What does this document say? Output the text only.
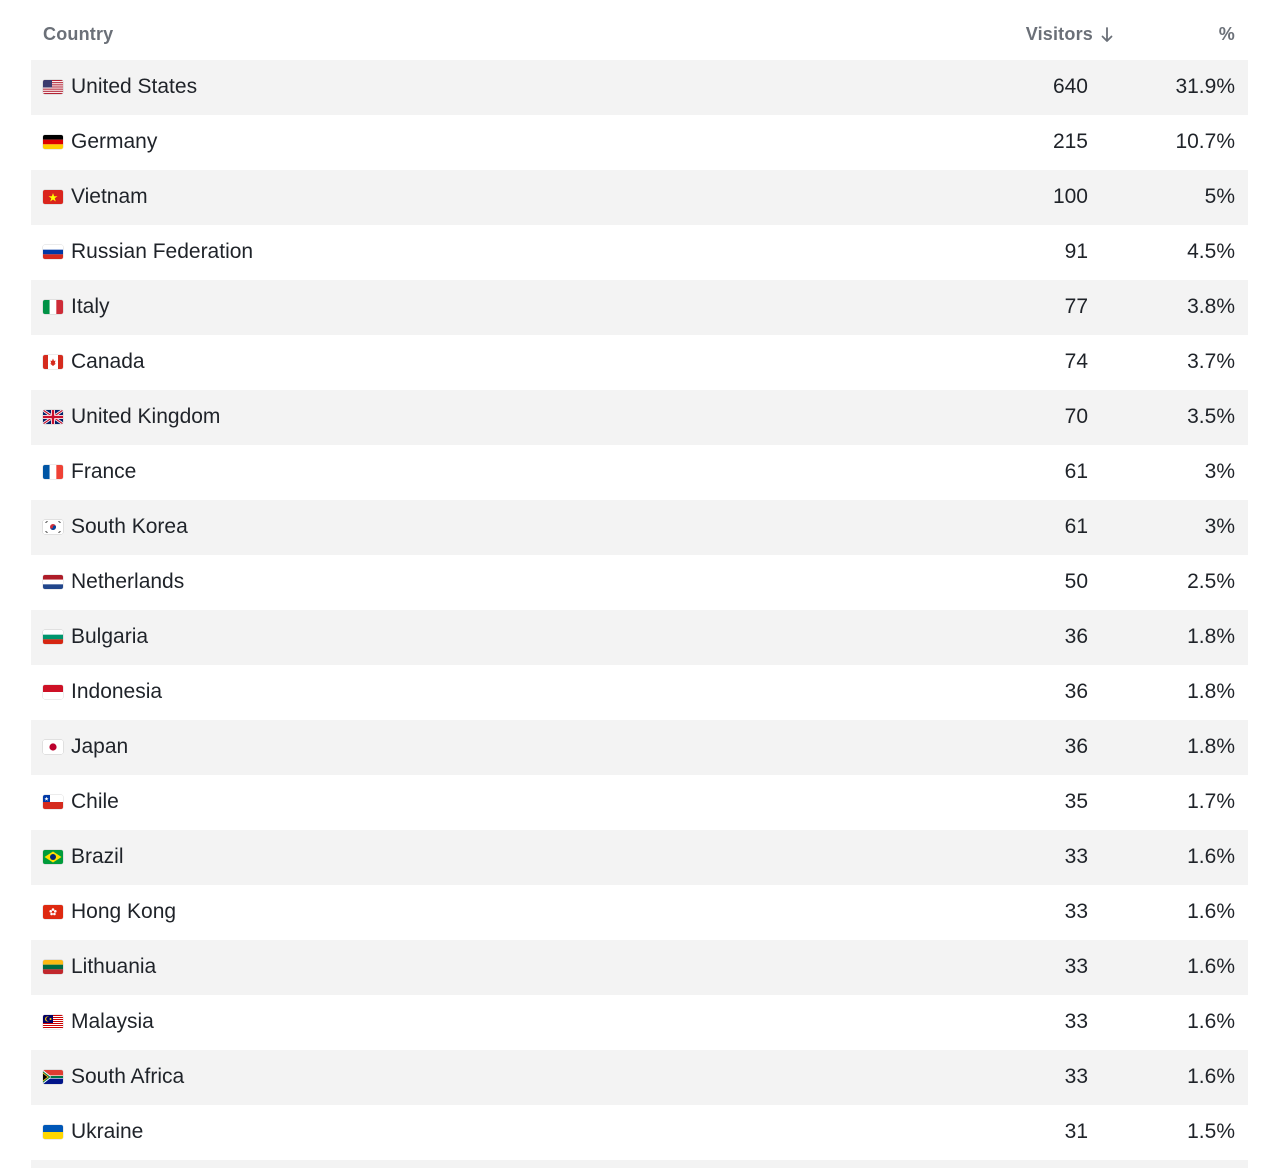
Country	Visitors	%
United States	640	31.9%
Germany	215	10.7%
Vietnam	100	5%
Russian Federation	91	4.5%
Italy	77	3.8%
Canada	74	3.7%
United Kingdom	70	3.5%
France	61	3%
South Korea	61	3%
Netherlands	50	2.5%
Bulgaria	36	1.8%
Indonesia	36	1.8%
Japan	36	1.8%
Chile	35	1.7%
Brazil	33	1.6%
Hong Kong	33	1.6%
Lithuania	33	1.6%
Malaysia	33	1.6%
South Africa	33	1.6%
Ukraine	31	1.5%
